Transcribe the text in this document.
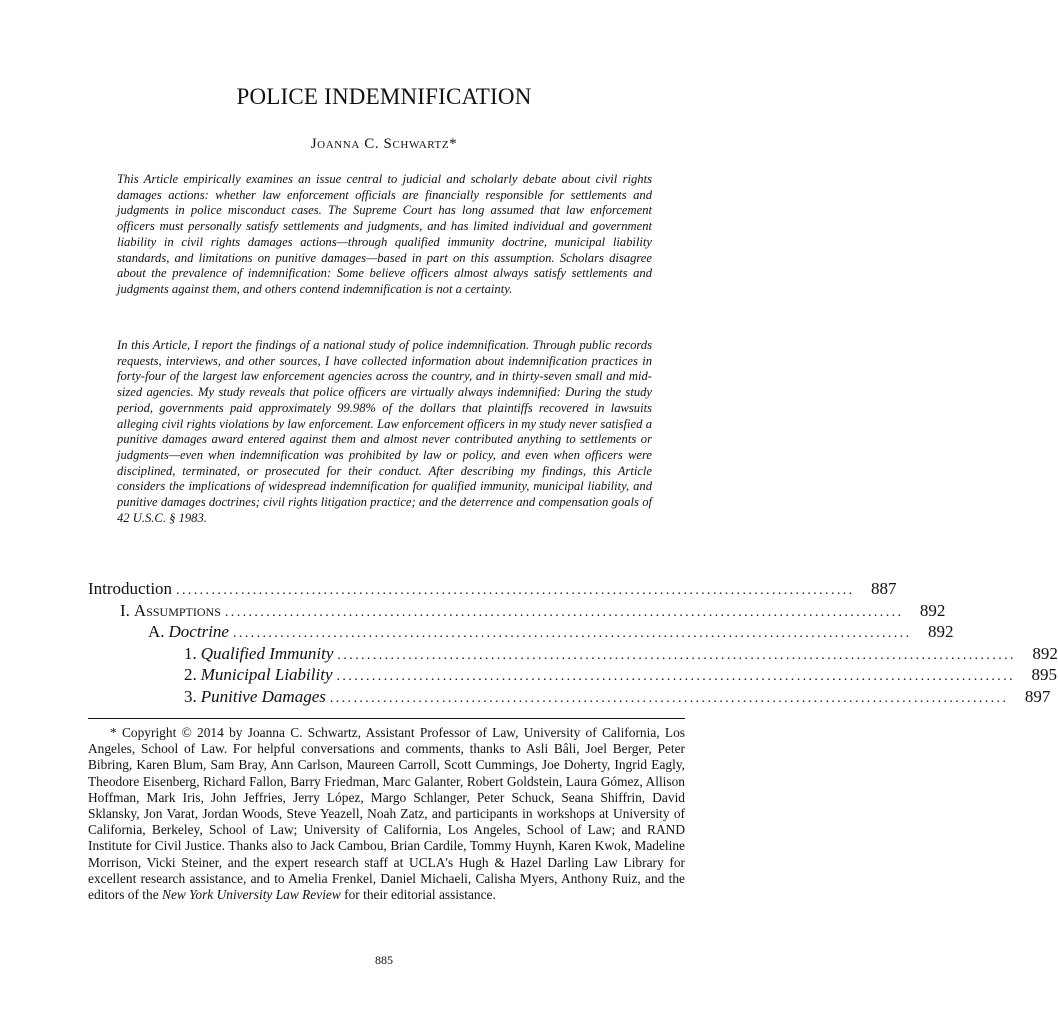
POLICE INDEMNIFICATION
Joanna C. Schwartz*

This Article empirically examines an issue central to judicial and scholarly debate about civil rights damages actions: whether law enforcement officials are financially responsible for settlements and judgments in police misconduct cases. The Supreme Court has long assumed that law enforcement officers must personally satisfy settlements and judgments, and has limited individual and government liability in civil rights damages actions—through qualified immunity doctrine, municipal liability standards, and limitations on punitive damages—based in part on this assumption. Scholars disagree about the prevalence of indemnification: Some believe officers almost always satisfy settlements and judgments against them, and others contend indemnification is not a certainty.

In this Article, I report the findings of a national study of police indemnification. Through public records requests, interviews, and other sources, I have collected information about indemnification practices in forty-four of the largest law enforcement agencies across the country, and in thirty-seven small and mid-sized agencies. My study reveals that police officers are virtually always indemnified: During the study period, governments paid approximately 99.98% of the dollars that plaintiffs recovered in lawsuits alleging civil rights violations by law enforcement. Law enforcement officers in my study never satisfied a punitive damages award entered against them and almost never contributed anything to settlements or judgments—even when indemnification was prohibited by law or policy, and even when officers were disciplined, terminated, or prosecuted for their conduct. After describing my findings, this Article considers the implications of widespread indemnification for qualified immunity, municipal liability, and punitive damages doctrines; civil rights litigation practice; and the deterrence and compensation goals of 42 U.S.C. § 1983.

Introduction ................................................................................................................... 887
I. Assumptions ................................................................................................................... 892
A. Doctrine ................................................................................................................... 892
1. Qualified Immunity ................................................................................................................... 892
2. Municipal Liability ................................................................................................................... 895
3. Punitive Damages ................................................................................................................... 897

* Copyright © 2014 by Joanna C. Schwartz, Assistant Professor of Law, University of California, Los Angeles, School of Law. For helpful conversations and comments, thanks to Asli Bâli, Joel Berger, Peter Bibring, Karen Blum, Sam Bray, Ann Carlson, Maureen Carroll, Scott Cummings, Joe Doherty, Ingrid Eagly, Theodore Eisenberg, Richard Fallon, Barry Friedman, Marc Galanter, Robert Goldstein, Laura Gómez, Allison Hoffman, Mark Iris, John Jeffries, Jerry López, Margo Schlanger, Peter Schuck, Seana Shiffrin, David Sklansky, Jon Varat, Jordan Woods, Steve Yeazell, Noah Zatz, and participants in workshops at University of California, Berkeley, School of Law; University of California, Los Angeles, School of Law; and RAND Institute for Civil Justice. Thanks also to Jack Cambou, Brian Cardile, Tommy Huynh, Karen Kwok, Madeline Morrison, Vicki Steiner, and the expert research staff at UCLA's Hugh & Hazel Darling Law Library for excellent research assistance, and to Amelia Frenkel, Daniel Michaeli, Calisha Myers, Anthony Ruiz, and the editors of the New York University Law Review for their editorial assistance.

885
